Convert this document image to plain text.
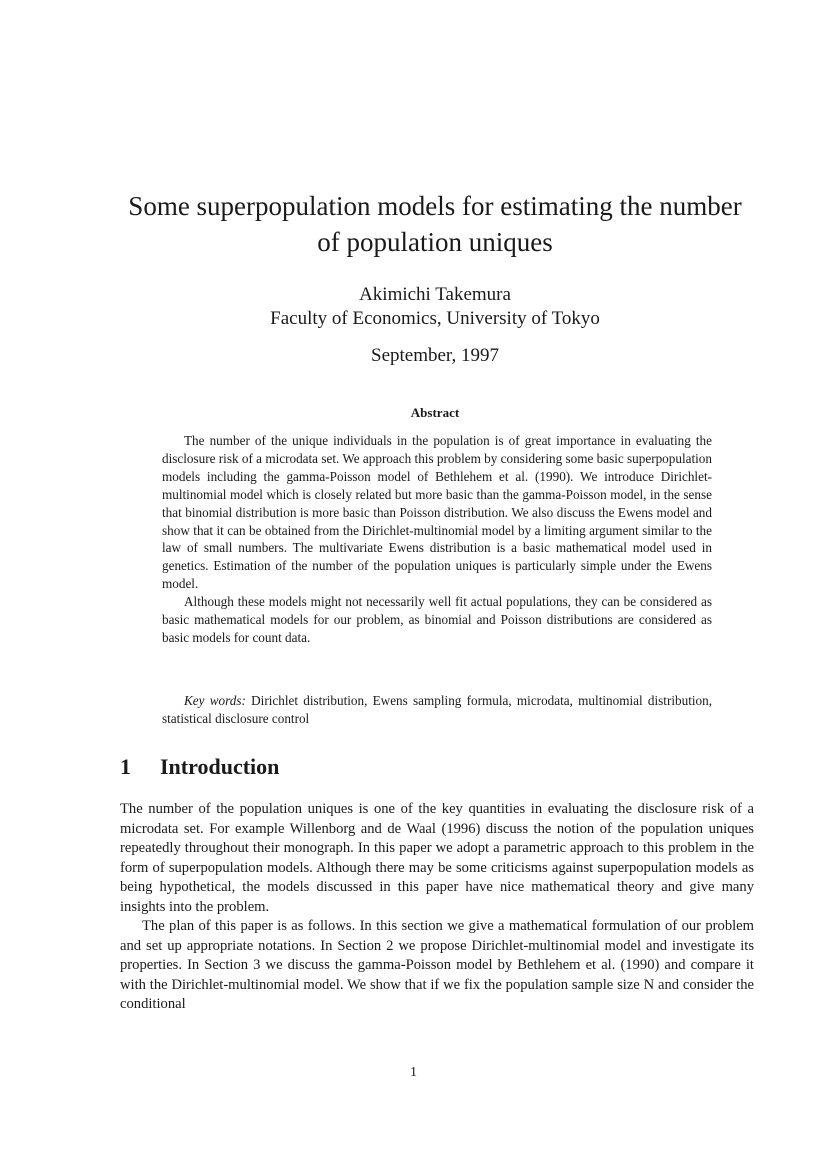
Some superpopulation models for estimating the number of population uniques

Akimichi Takemura

Faculty of Economics, University of Tokyo

September, 1997

Abstract

The number of the unique individuals in the population is of great importance in evaluating the disclosure risk of a microdata set. We approach this problem by considering some basic superpopulation models including the gamma-Poisson model of Bethlehem et al. (1990). We introduce Dirichlet-multinomial model which is closely related but more basic than the gamma-Poisson model, in the sense that binomial distribution is more basic than Poisson distribution. We also discuss the Ewens model and show that it can be obtained from the Dirichlet-multinomial model by a limiting argument similar to the law of small numbers. The multivariate Ewens distribution is a basic mathematical model used in genetics. Estimation of the number of the population uniques is particularly simple under the Ewens model.

Although these models might not necessarily well fit actual populations, they can be considered as basic mathematical models for our problem, as binomial and Poisson distributions are considered as basic models for count data.

Key words: Dirichlet distribution, Ewens sampling formula, microdata, multinomial distribution, statistical disclosure control

1 Introduction

The number of the population uniques is one of the key quantities in evaluating the disclosure risk of a microdata set. For example Willenborg and de Waal (1996) discuss the notion of the population uniques repeatedly throughout their monograph. In this paper we adopt a parametric approach to this problem in the form of superpopulation models. Although there may be some criticisms against superpopulation models as being hypothetical, the models discussed in this paper have nice mathematical theory and give many insights into the problem.

The plan of this paper is as follows. In this section we give a mathematical formulation of our problem and set up appropriate notations. In Section 2 we propose Dirichlet-multinomial model and investigate its properties. In Section 3 we discuss the gamma-Poisson model by Bethlehem et al. (1990) and compare it with the Dirichlet-multinomial model. We show that if we fix the population sample size N and consider the conditional

1
